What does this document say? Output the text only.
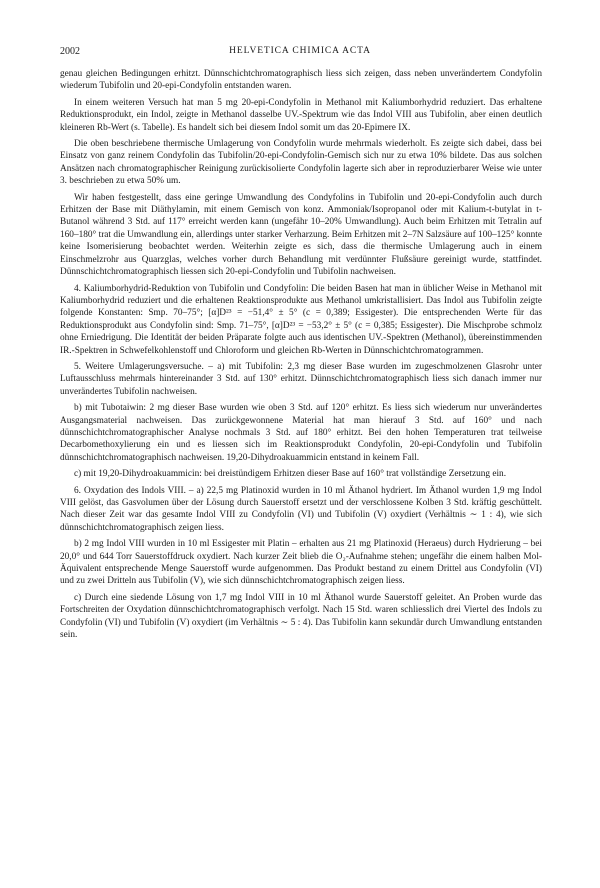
2002	HELVETICA CHIMICA ACTA

genau gleichen Bedingungen erhitzt. Dünnschichtchromatographisch liess sich zeigen, dass neben unverändertem Condyfolin wiederum Tubifolin und 20-epi-Condyfolin entstanden waren.

In einem weiteren Versuch hat man 5 mg 20-epi-Condyfolin in Methanol mit Kaliumborhydrid reduziert. Das erhaltene Reduktionsprodukt, ein Indol, zeigte in Methanol dasselbe UV.-Spektrum wie das Indol VIII aus Tubifolin, aber einen deutlich kleineren Rb-Wert (s. Tabelle). Es handelt sich bei diesem Indol somit um das 20-Epimere IX.

Die oben beschriebene thermische Umlagerung von Condyfolin wurde mehrmals wiederholt. Es zeigte sich dabei, dass bei Einsatz von ganz reinem Condyfolin das Tubifolin/20-epi-Condyfolin-Gemisch sich nur zu etwa 10% bildete. Das aus solchen Ansätzen nach chromatographischer Reinigung zurückisolierte Condyfolin lagerte sich aber in reproduzierbarer Weise wie unter 3. beschrieben zu etwa 50% um.

Wir haben festgestellt, dass eine geringe Umwandlung des Condyfolins in Tubifolin und 20-epi-Condyfolin auch durch Erhitzen der Base mit Diäthylamin, mit einem Gemisch von konz. Ammoniak/Isopropanol oder mit Kalium-t-butylat in t-Butanol während 3 Std. auf 117° erreicht werden kann (ungefähr 10–20% Umwandlung). Auch beim Erhitzen mit Tetralin auf 160–180° trat die Umwandlung ein, allerdings unter starker Verharzung. Beim Erhitzen mit 2–7N Salzsäure auf 100–125° konnte keine Isomerisierung beobachtet werden. Weiterhin zeigte es sich, dass die thermische Umlagerung auch in einem Einschmelzrohr aus Quarzglas, welches vorher durch Behandlung mit verdünnter Flußsäure gereinigt wurde, stattfindet. Dünnschichtchromatographisch liessen sich 20-epi-Condyfolin und Tubifolin nachweisen.

4. Kaliumborhydrid-Reduktion von Tubifolin und Condyfolin: Die beiden Basen hat man in üblicher Weise in Methanol mit Kaliumborhydrid reduziert und die erhaltenen Reaktionsprodukte aus Methanol umkristallisiert. Das Indol aus Tubifolin zeigte folgende Konstanten: Smp. 70–75°; [α]D²³ = −51,4° ± 5° (c = 0,389; Essigester). Die entsprechenden Werte für das Reduktionsprodukt aus Condyfolin sind: Smp. 71–75°, [α]D²³ = −53,2° ± 5° (c = 0,385; Essigester). Die Mischprobe schmolz ohne Erniedrigung. Die Identität der beiden Präparate folgte auch aus identischen UV.-Spektren (Methanol), übereinstimmenden IR.-Spektren in Schwefelkohlenstoff und Chloroform und gleichen Rb-Werten in Dünnschichtchromatogrammen.

5. Weitere Umlagerungsversuche. – a) mit Tubifolin: 2,3 mg dieser Base wurden im zugeschmolzenen Glasrohr unter Luftausschluss mehrmals hintereinander 3 Std. auf 130° erhitzt. Dünnschichtchromatographisch liess sich danach immer nur unverändertes Tubifolin nachweisen.

b) mit Tubotaiwin: 2 mg dieser Base wurden wie oben 3 Std. auf 120° erhitzt. Es liess sich wiederum nur unverändertes Ausgangsmaterial nachweisen. Das zurückgewonnene Material hat man hierauf 3 Std. auf 160° und nach dünnschichtchromatographischer Analyse nochmals 3 Std. auf 180° erhitzt. Bei den hohen Temperaturen trat teilweise Decarbomethoxylierung ein und es liessen sich im Reaktionsprodukt Condyfolin, 20-epi-Condyfolin und Tubifolin dünnschichtchromatographisch nachweisen. 19,20-Dihydroakuammicin entstand in keinem Fall.

c) mit 19,20-Dihydroakuammicin: bei dreistündigem Erhitzen dieser Base auf 160° trat vollständige Zersetzung ein.

6. Oxydation des Indols VIII. – a) 22,5 mg Platinoxid wurden in 10 ml Äthanol hydriert. Im Äthanol wurden 1,9 mg Indol VIII gelöst, das Gasvolumen über der Lösung durch Sauerstoff ersetzt und der verschlossene Kolben 3 Std. kräftig geschüttelt. Nach dieser Zeit war das gesamte Indol VIII zu Condyfolin (VI) und Tubifolin (V) oxydiert (Verhältnis ∼ 1 : 4), wie sich dünnschichtchromatographisch zeigen liess.

b) 2 mg Indol VIII wurden in 10 ml Essigester mit Platin – erhalten aus 21 mg Platinoxid (Heraeus) durch Hydrierung – bei 20,0° und 644 Torr Sauerstoffdruck oxydiert. Nach kurzer Zeit blieb die O₂-Aufnahme stehen; ungefähr die einem halben Mol-Äquivalent entsprechende Menge Sauerstoff wurde aufgenommen. Das Produkt bestand zu einem Drittel aus Condyfolin (VI) und zu zwei Dritteln aus Tubifolin (V), wie sich dünnschichtchromatographisch zeigen liess.

c) Durch eine siedende Lösung von 1,7 mg Indol VIII in 10 ml Äthanol wurde Sauerstoff geleitet. An Proben wurde das Fortschreiten der Oxydation dünnschichtchromatographisch verfolgt. Nach 15 Std. waren schliesslich drei Viertel des Indols zu Condyfolin (VI) und Tubifolin (V) oxydiert (im Verhältnis ∼ 5 : 4). Das Tubifolin kann sekundär durch Umwandlung entstanden sein.
